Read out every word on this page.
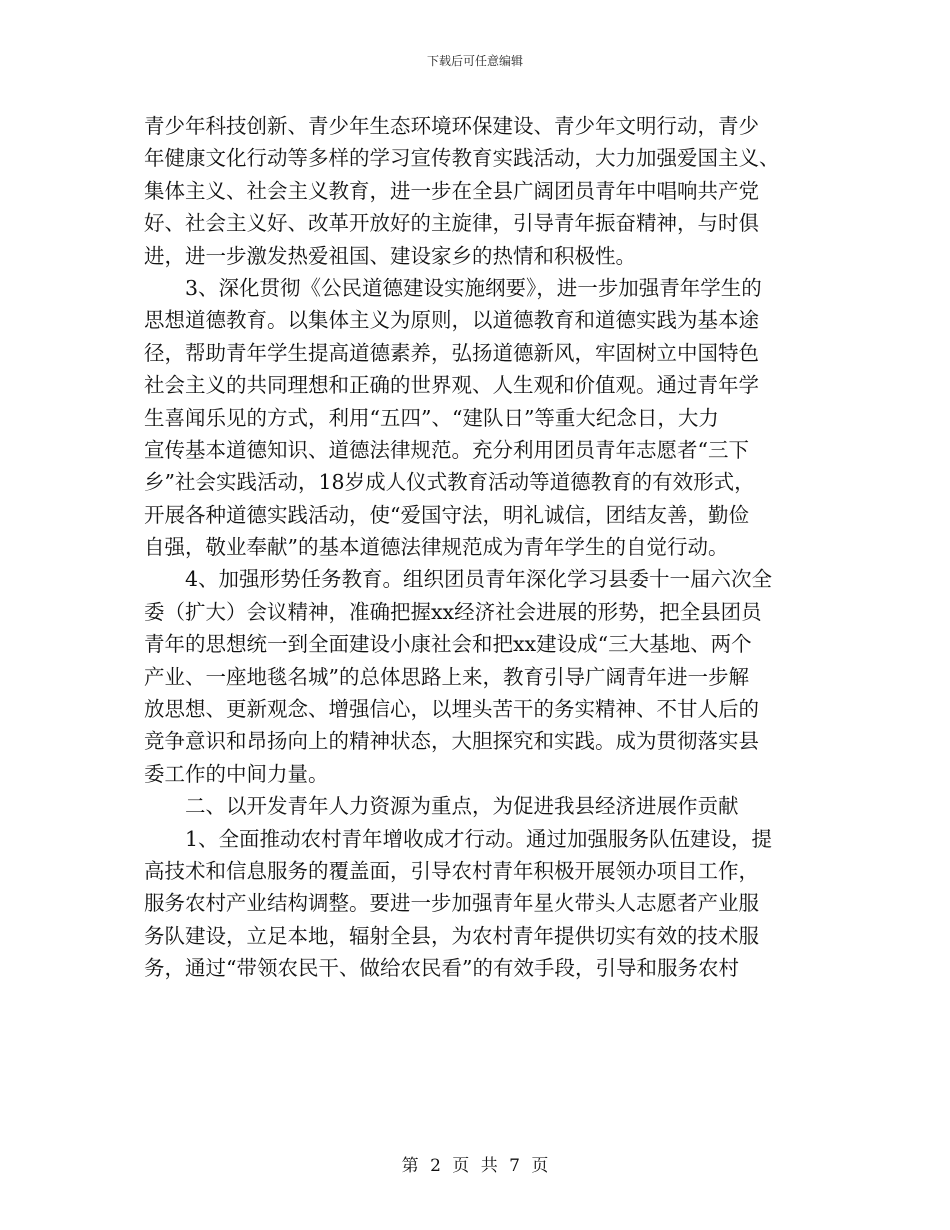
下载后可任意编辑
青少年科技创新、青少年生态环境环保建设、青少年文明行动，青少
年健康文化行动等多样的学习宣传教育实践活动，大力加强爱国主义、
集体主义、社会主义教育，进一步在全县广阔团员青年中唱响共产党
好、社会主义好、改革开放好的主旋律，引导青年振奋精神，与时俱
进，进一步激发热爱祖国、建设家乡的热情和积极性。
3、深化贯彻《公民道德建设实施纲要》，进一步加强青年学生的
思想道德教育。以集体主义为原则，以道德教育和道德实践为基本途
径，帮助青年学生提高道德素养，弘扬道德新风，牢固树立中国特色
社会主义的共同理想和正确的世界观、人生观和价值观。通过青年学
生喜闻乐见的方式，利用“五四”、“建队日”等重大纪念日，大力
宣传基本道德知识、道德法律规范。充分利用团员青年志愿者“三下
乡”社会实践活动，18岁成人仪式教育活动等道德教育的有效形式，
开展各种道德实践活动，使“爱国守法，明礼诚信，团结友善，勤俭
自强，敬业奉献”的基本道德法律规范成为青年学生的自觉行动。
4、加强形势任务教育。组织团员青年深化学习县委十一届六次全
委（扩大）会议精神，准确把握xx经济社会进展的形势，把全县团员
青年的思想统一到全面建设小康社会和把xx建设成“三大基地、两个
产业、一座地毯名城”的总体思路上来，教育引导广阔青年进一步解
放思想、更新观念、增强信心，以埋头苦干的务实精神、不甘人后的
竞争意识和昂扬向上的精神状态，大胆探究和实践。成为贯彻落实县
委工作的中间力量。
二、以开发青年人力资源为重点，为促进我县经济进展作贡献
1、全面推动农村青年增收成才行动。通过加强服务队伍建设，提
高技术和信息服务的覆盖面，引导农村青年积极开展领办项目工作，
服务农村产业结构调整。要进一步加强青年星火带头人志愿者产业服
务队建设，立足本地，辐射全县，为农村青年提供切实有效的技术服
务，通过“带领农民干、做给农民看”的有效手段，引导和服务农村
第 2 页 共 7 页
